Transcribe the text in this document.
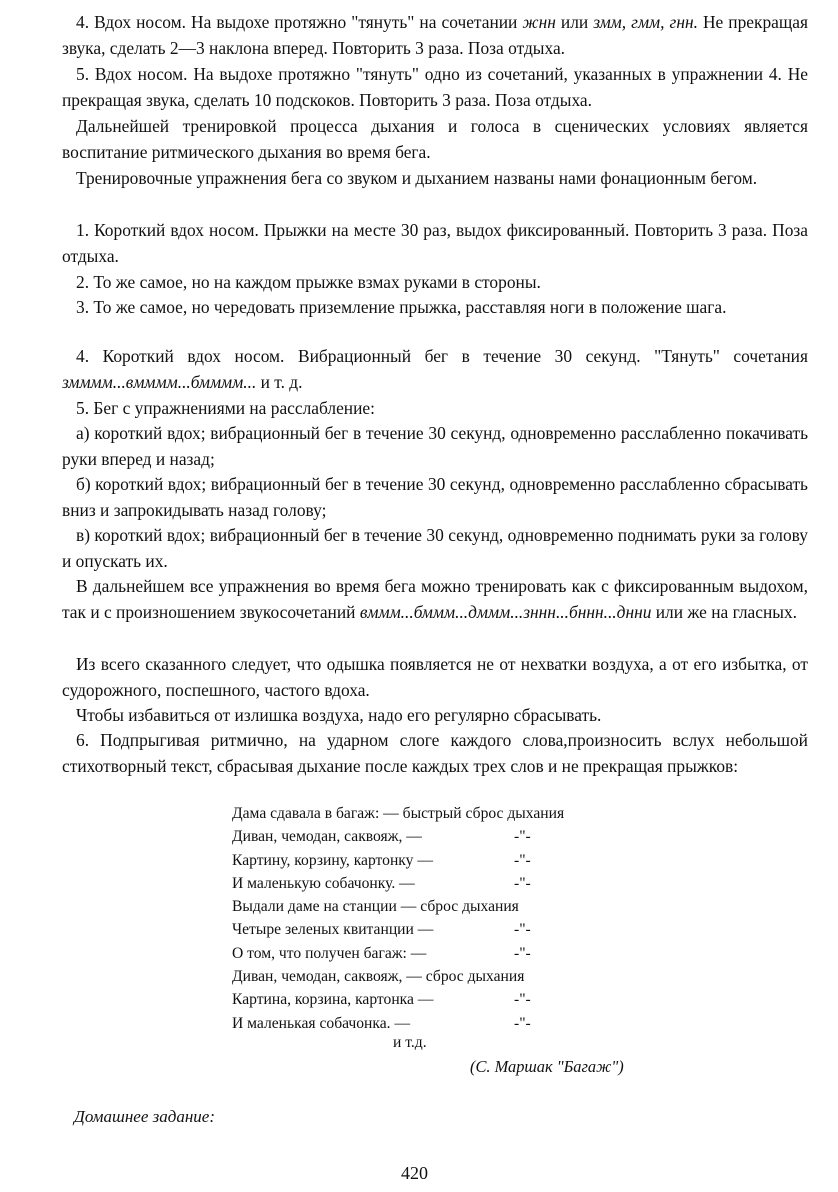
4. Вдох носом. На выдохе протяжно "тянуть" на сочетании жнн или змм, гмм, гнн. Не прекращая звука, сделать 2—3 наклона вперед. Повторить 3 раза. Поза отдыха.

5. Вдох носом. На выдохе протяжно "тянуть" одно из сочетаний, указанных в упражнении 4. Не прекращая звука, сделать 10 подскоков. Повторить 3 раза. Поза отдыха.

Дальнейшей тренировкой процесса дыхания и голоса в сценических условиях является воспитание ритмического дыхания во время бега.

Тренировочные упражнения бега со звуком и дыханием названы нами фонационным бегом.

1. Короткий вдох носом. Прыжки на месте 30 раз, выдох фиксированный. Повторить 3 раза. Поза отдыха.

2. То же самое, но на каждом прыжке взмах руками в стороны.

3. То же самое, но чередовать приземление прыжка, расставляя ноги в положение шага.

4. Короткий вдох носом. Вибрационный бег в течение 30 секунд. "Тянуть" сочетания змммм...вмммм...бмммм... и т. д.

5. Бег с упражнениями на расслабление:

а) короткий вдох; вибрационный бег в течение 30 секунд, одновременно расслабленно покачивать руки вперед и назад;

б) короткий вдох; вибрационный бег в течение 30 секунд, одновременно расслабленно сбрасывать вниз и запрокидывать назад голову;

в) короткий вдох; вибрационный бег в течение 30 секунд, одновременно поднимать руки за голову и опускать их.

В дальнейшем все упражнения во время бега можно тренировать как с фиксированным выдохом, так и с произношением звукосочетаний вммм...бммм...дммм...зннн...бннн...днни или же на гласных.

Из всего сказанного следует, что одышка появляется не от нехватки воздуха, а от его избытка, от судорожного, поспешного, частого вдоха.

Чтобы избавиться от излишка воздуха, надо его регулярно сбрасывать.

6. Подпрыгивая ритмично, на ударном слоге каждого слова,произносить вслух небольшой стихотворный текст, сбрасывая дыхание после каждых трех слов и не прекращая прыжков:

Дама сдавала в багаж: — быстрый сброс дыхания
Диван, чемодан, саквояж, —	-"-
Картину, корзину, картонку —	-"-
И маленькую собачонку. —	-"-
Выдали даме на станции — сброс дыхания
Четыре зеленых квитанции —	-"-
О том, что получен багаж: —	-"-
Диван, чемодан, саквояж, — сброс дыхания
Картина, корзина, картонка —	-"-
И маленькая собачонка. —	-"-
и т.д.
(С. Маршак "Багаж")
Домашнее задание:
420
